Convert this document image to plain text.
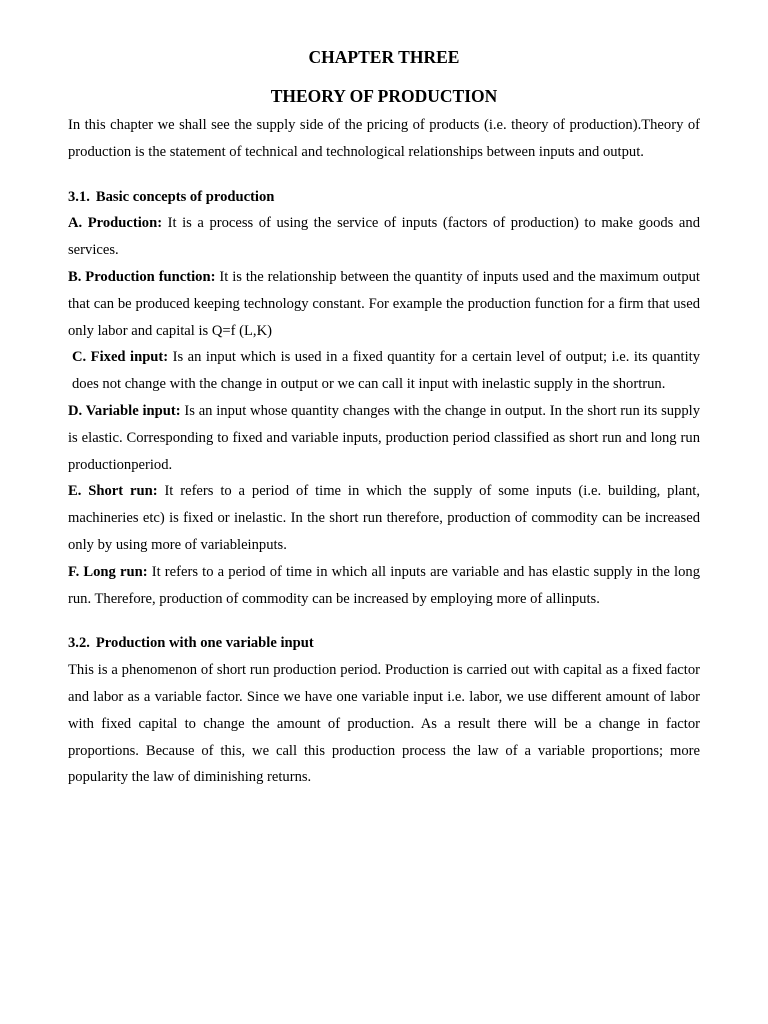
CHAPTER THREE
THEORY OF PRODUCTION

In this chapter we shall see the supply side of the pricing of products (i.e. theory of production).Theory of production is the statement of technical and technological relationships between inputs and output.

3.1. Basic concepts of production

A. Production: It is a process of using the service of inputs (factors of production) to make goods and services.

B. Production function: It is the relationship between the quantity of inputs used and the maximum output that can be produced keeping technology constant. For example the production function for a firm that used only labor and capital is Q=f (L,K)

C. Fixed input: Is an input which is used in a fixed quantity for a certain level of output; i.e. its quantity does not change with the change in output or we can call it input with inelastic supply in the shortrun.

D. Variable input: Is an input whose quantity changes with the change in output. In the short run its supply is elastic. Corresponding to fixed and variable inputs, production period classified as short run and long run productionperiod.

E. Short run: It refers to a period of time in which the supply of some inputs (i.e. building, plant, machineries etc) is fixed or inelastic. In the short run therefore, production of commodity can be increased only by using more of variableinputs.

F. Long run: It refers to a period of time in which all inputs are variable and has elastic supply in the long run. Therefore, production of commodity can be increased by employing more of allinputs.

3.2. Production with one variable input

This is a phenomenon of short run production period. Production is carried out with capital as a fixed factor and labor as a variable factor. Since we have one variable input i.e. labor, we use different amount of labor with fixed capital to change the amount of production. As a result there will be a change in factor proportions. Because of this, we call this production process the law of a variable proportions; more popularity the law of diminishing returns.
